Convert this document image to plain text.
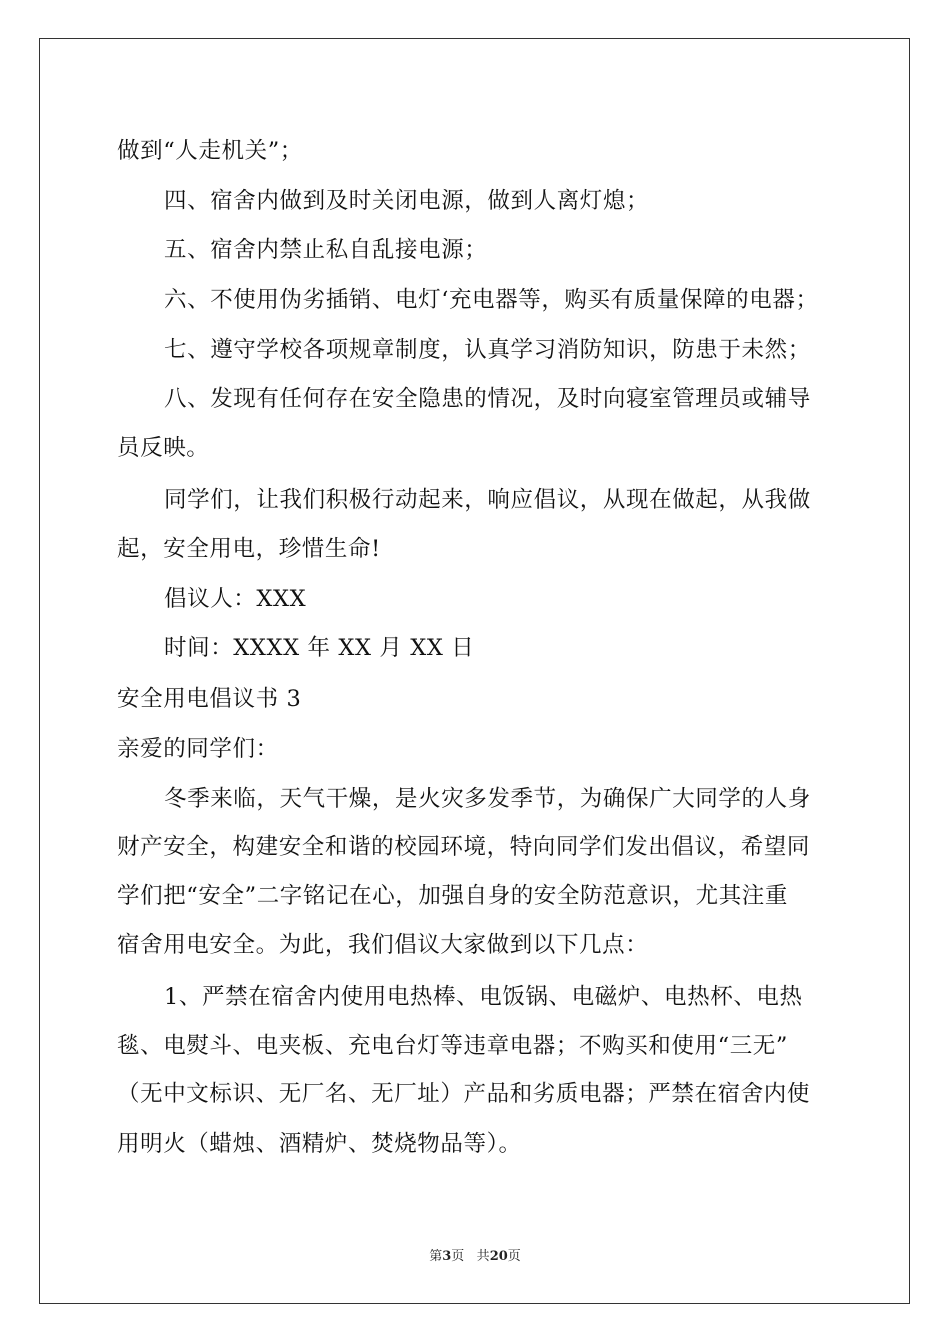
做到“人走机关”；
四、宿舍内做到及时关闭电源，做到人离灯熄；
五、宿舍内禁止私自乱接电源；
六、不使用伪劣插销、电灯‘充电器等，购买有质量保障的电器；
七、遵守学校各项规章制度，认真学习消防知识，防患于未然；
八、发现有任何存在安全隐患的情况，及时向寝室管理员或辅导
员反映。
同学们，让我们积极行动起来，响应倡议，从现在做起，从我做
起，安全用电，珍惜生命!
倡议人：XXX
时间：XXXX 年 XX 月 XX 日
安全用电倡议书 3
亲爱的同学们：
冬季来临，天气干燥，是火灾多发季节，为确保广大同学的人身
财产安全，构建安全和谐的校园环境，特向同学们发出倡议，希望同
学们把“安全”二字铭记在心，加强自身的安全防范意识，尤其注重
宿舍用电安全。为此，我们倡议大家做到以下几点：
1、严禁在宿舍内使用电热棒、电饭锅、电磁炉、电热杯、电热
毯、电熨斗、电夹板、充电台灯等违章电器；不购买和使用“三无”
（无中文标识、无厂名、无厂址）产品和劣质电器；严禁在宿舍内使
用明火（蜡烛、酒精炉、焚烧物品等）。
第3页 共20页
